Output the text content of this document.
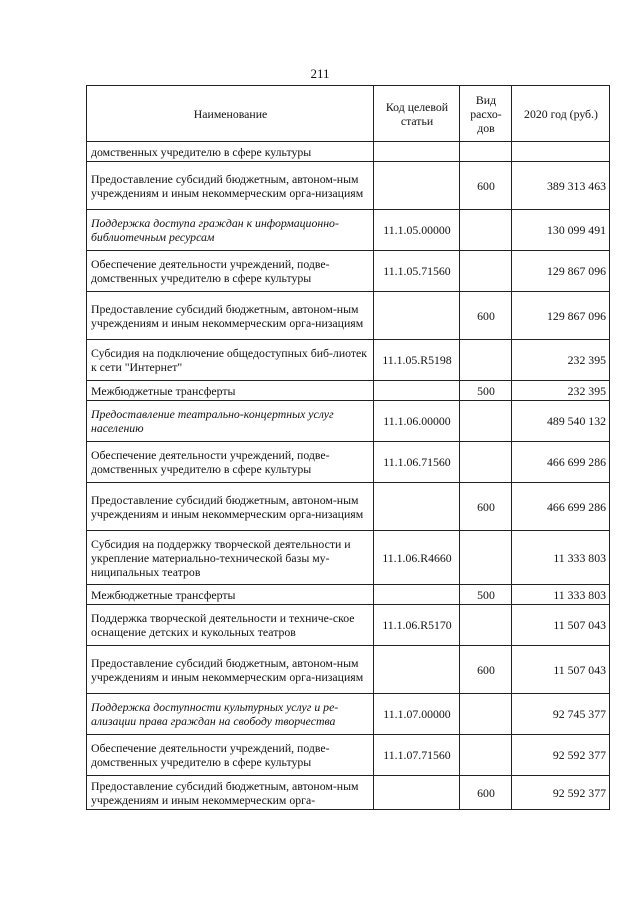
211
Наименование	Код целевой статьи	Вид расхо-дов	2020 год (руб.)
домственных учредителю в сфере культуры			
Предоставление субсидий бюджетным, автоном-ным учреждениям и иным некоммерческим орга-низациям		600	389 313 463
Поддержка доступа граждан к информационно-библиотечным ресурсам	11.1.05.00000		130 099 491
Обеспечение деятельности учреждений, подве-домственных учредителю в сфере культуры	11.1.05.71560		129 867 096
Предоставление субсидий бюджетным, автоном-ным учреждениям и иным некоммерческим орга-низациям		600	129 867 096
Субсидия на подключение общедоступных биб-лиотек к сети "Интернет"	11.1.05.R5198		232 395
Межбюджетные трансферты		500	232 395
Предоставление театрально-концертных услуг населению	11.1.06.00000		489 540 132
Обеспечение деятельности учреждений, подве-домственных учредителю в сфере культуры	11.1.06.71560		466 699 286
Предоставление субсидий бюджетным, автоном-ным учреждениям и иным некоммерческим орга-низациям		600	466 699 286
Субсидия на поддержку творческой деятельности и укрепление материально-технической базы му-ниципальных театров	11.1.06.R4660		11 333 803
Межбюджетные трансферты		500	11 333 803
Поддержка творческой деятельности и техниче-ское оснащение детских и кукольных театров	11.1.06.R5170		11 507 043
Предоставление субсидий бюджетным, автоном-ным учреждениям и иным некоммерческим орга-низациям		600	11 507 043
Поддержка доступности культурных услуг и ре-ализации права граждан на свободу творчества	11.1.07.00000		92 745 377
Обеспечение деятельности учреждений, подве-домственных учредителю в сфере культуры	11.1.07.71560		92 592 377
Предоставление субсидий бюджетным, автоном-ным учреждениям и иным некоммерческим орга-		600	92 592 377
